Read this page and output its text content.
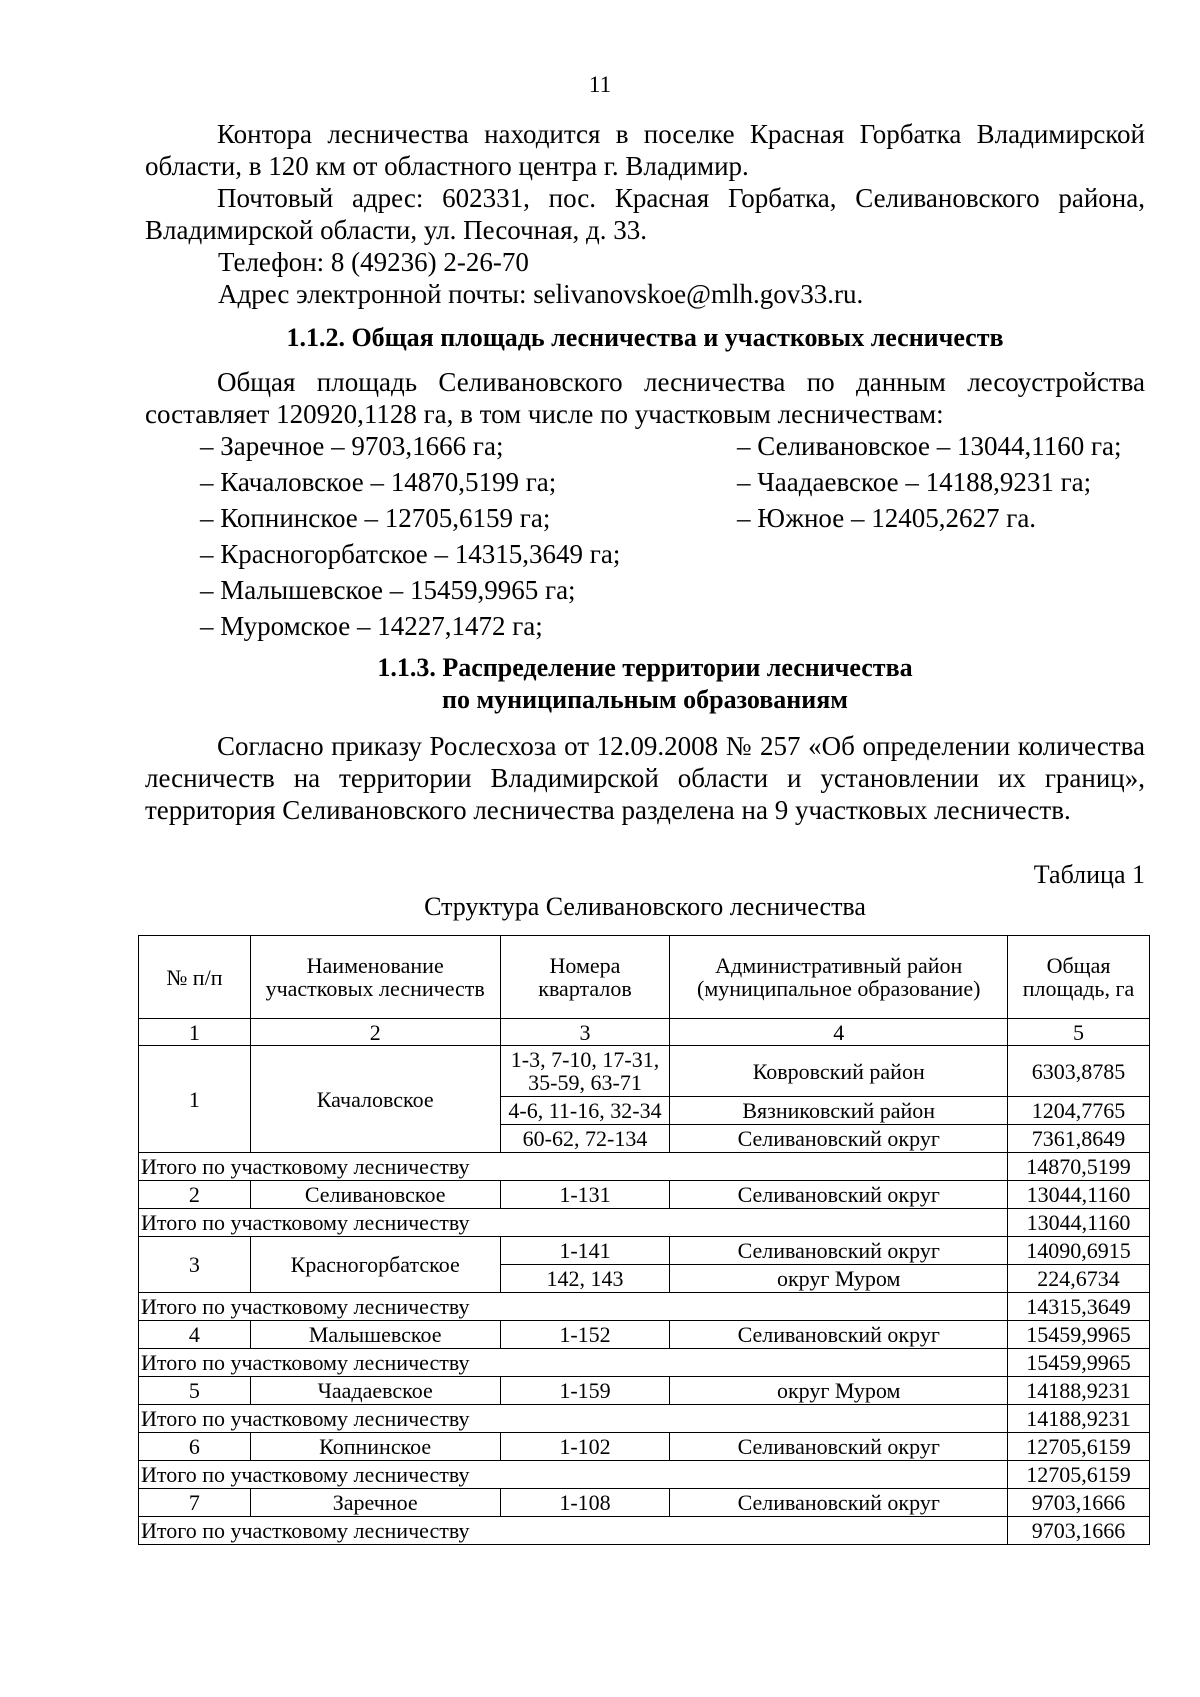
11

Контора лесничества находится в поселке Красная Горбатка Владимирской области, в 120 км от областного центра г. Владимир.

Почтовый адрес: 602331, пос. Красная Горбатка, Селивановского района, Владимирской области, ул. Песочная, д. 33.

Телефон: 8 (49236) 2-26-70
Адрес электронной почты: selivanovskoe@mlh.gov33.ru.
1.1.2. Общая площадь лесничества и участковых лесничеств

Общая площадь Селивановского лесничества по данным лесоустройства составляет 120920,1128 га, в том числе по участковым лесничествам:

– Заречное – 9703,1666 га;
– Качаловское – 14870,5199 га;
– Копнинское – 12705,6159 га;
– Красногорбатское – 14315,3649 га;
– Малышевское – 15459,9965 га;
– Муромское – 14227,1472 га;
– Селивановское – 13044,1160 га;
– Чаадаевское – 14188,9231 га;
– Южное – 12405,2627 га.
1.1.3. Распределение территории лесничества
по муниципальным образованиям

Согласно приказу Рослесхоза от 12.09.2008 № 257 «Об определении количества лесничеств на территории Владимирской области и установлении их границ», территория Селивановского лесничества разделена на 9 участковых лесничеств.

Таблица 1
Структура Селивановского лесничества
№ п/п	Наименование участковых лесничеств	Номера кварталов	Административный район (муниципальное образование)	Общая площадь, га
1	2	3	4	5
1	Качаловское	1-3, 7-10, 17-31, 35-59, 63-71	Ковровский район	6303,8785
		4-6, 11-16, 32-34	Вязниковский район	1204,7765
		60-62, 72-134	Селивановский округ	7361,8649
Итого по участковому лесничеству				14870,5199
2	Селивановское	1-131	Селивановский округ	13044,1160
Итого по участковому лесничеству				13044,1160
3	Красногорбатское	1-141	Селивановский округ	14090,6915
		142, 143	округ Муром	224,6734
Итого по участковому лесничеству				14315,3649
4	Малышевское	1-152	Селивановский округ	15459,9965
Итого по участковому лесничеству				15459,9965
5	Чаадаевское	1-159	округ Муром	14188,9231
Итого по участковому лесничеству				14188,9231
6	Копнинское	1-102	Селивановский округ	12705,6159
Итого по участковому лесничеству				12705,6159
7	Заречное	1-108	Селивановский округ	9703,1666
Итого по участковому лесничеству				9703,1666
